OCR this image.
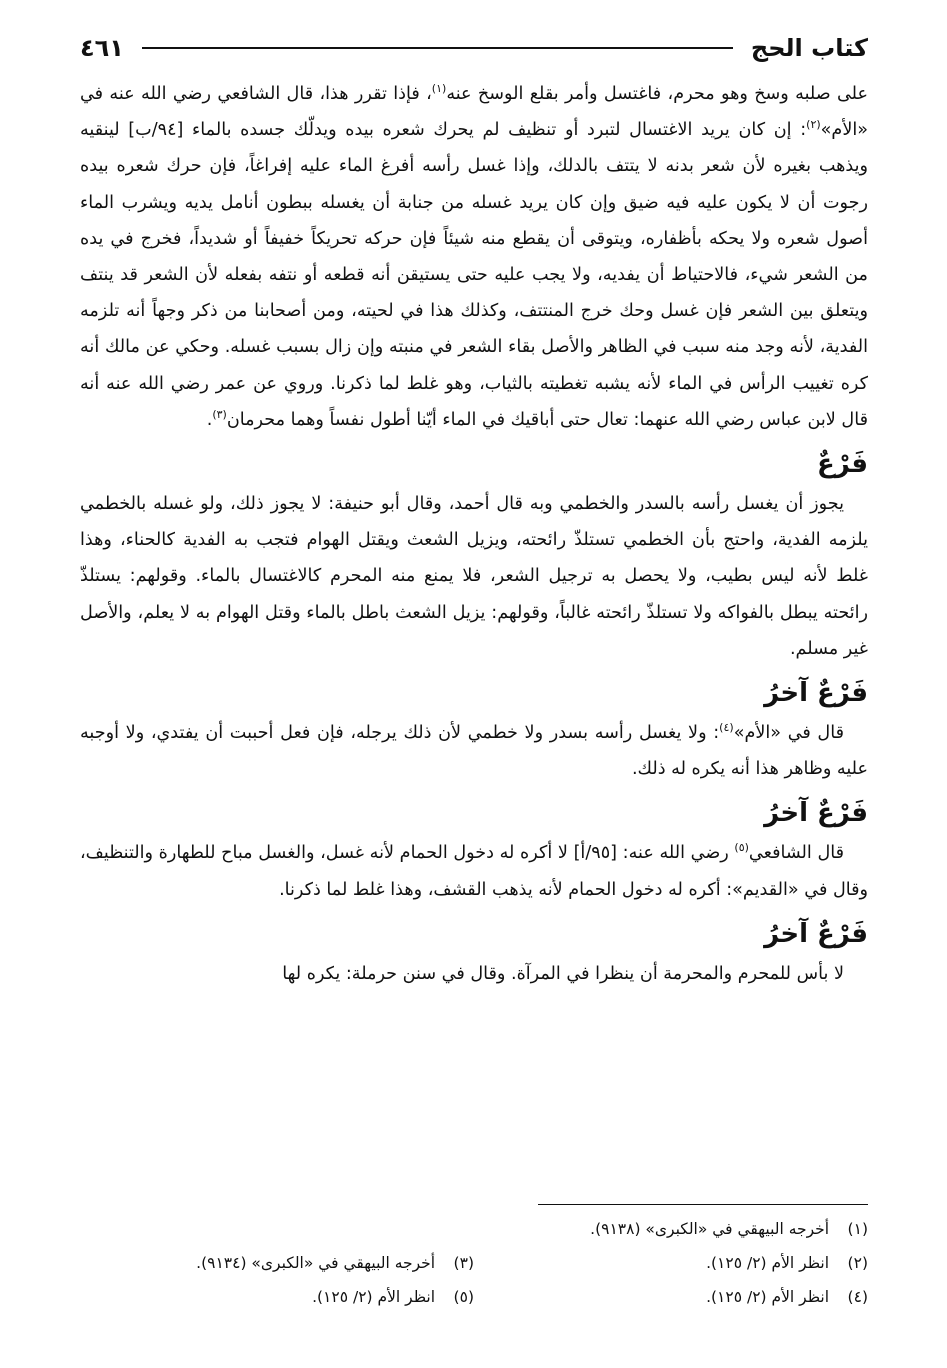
كتاب الحج
٤٦١

على صلبه وسخ وهو محرم، فاغتسل وأمر بقلع الوسخ عنه$^{(١)}$، فإذا تقرر هذا، قال الشافعي رضي الله عنه في «الأم»$^{(٢)}$: إن كان يريد الاغتسال لتبرد أو تنظيف لم يحرك شعره بيده ويدلّك جسده بالماء [٩٤/ب] لينقيه ويذهب بغيره لأن شعر بدنه لا يتتف بالدلك، وإذا غسل رأسه أفرغ الماء عليه إفراغاً، فإن حرك شعره بيده رجوت أن لا يكون عليه فيه ضيق وإن كان يريد غسله من جنابة أن يغسله ببطون أنامل يديه ويشرب الماء أصول شعره ولا يحكه بأظفاره، ويتوقى أن يقطع منه شيئاً فإن حركه تحريكاً خفيفاً أو شديداً، فخرج في يده من الشعر شيء، فالاحتياط أن يفديه، ولا يجب عليه حتى يستيقن أنه قطعه أو نتفه بفعله لأن الشعر قد ينتف ويتعلق بين الشعر فإن غسل وحك خرج المنتتف، وكذلك هذا في لحيته، ومن أصحابنا من ذكر وجهاً أنه تلزمه الفدية، لأنه وجد منه سبب في الظاهر والأصل بقاء الشعر في منبته وإن زال بسبب غسله. وحكي عن مالك أنه كره تغييب الرأس في الماء لأنه يشبه تغطيته بالثياب، وهو غلط لما ذكرنا. وروي عن عمر رضي الله عنه أنه قال لابن عباس رضي الله عنهما: تعال حتى أباقيك في الماء أيّنا أطول نفساً وهما محرمان$^{(٣)}$.

فَرْعٌ

يجوز أن يغسل رأسه بالسدر والخطمي وبه قال أحمد، وقال أبو حنيفة: لا يجوز ذلك، ولو غسله بالخطمي يلزمه الفدية، واحتج بأن الخطمي تستلذّ رائحته، ويزيل الشعث ويقتل الهوام فتجب به الفدية كالحناء، وهذا غلط لأنه ليس بطيب، ولا يحصل به ترجيل الشعر، فلا يمنع منه المحرم كالاغتسال بالماء. وقولهم: يستلذّ رائحته يبطل بالفواكه ولا تستلذّ رائحته غالباً، وقولهم: يزيل الشعث باطل بالماء وقتل الهوام به لا يعلم، والأصل غير مسلم.

فَرْعٌ آخرُ

قال في «الأم»$^{(٤)}$: ولا يغسل رأسه بسدر ولا خطمي لأن ذلك يرجله، فإن فعل أحببت أن يفتدي، ولا أوجبه عليه وظاهر هذا أنه يكره له ذلك.

فَرْعٌ آخرُ

قال الشافعي$^{(٥)}$ رضي الله عنه: [٩٥/أ] لا أكره له دخول الحمام لأنه غسل، والغسل مباح للطهارة والتنظيف، وقال في «القديم»: أكره له دخول الحمام لأنه يذهب القشف، وهذا غلط لما ذكرنا.

فَرْعٌ آخرُ

لا بأس للمحرم والمحرمة أن ينظرا في المرآة. وقال في سنن حرملة: يكره لها

(١) أخرجه البيهقي في «الكبرى» (٩١٣٨).
(٢) انظر الأم (٢/ ١٢٥).
(٣) أخرجه البيهقي في «الكبرى» (٩١٣٤).
(٤) انظر الأم (٢/ ١٢٥).
(٥) انظر الأم (٢/ ١٢٥).
